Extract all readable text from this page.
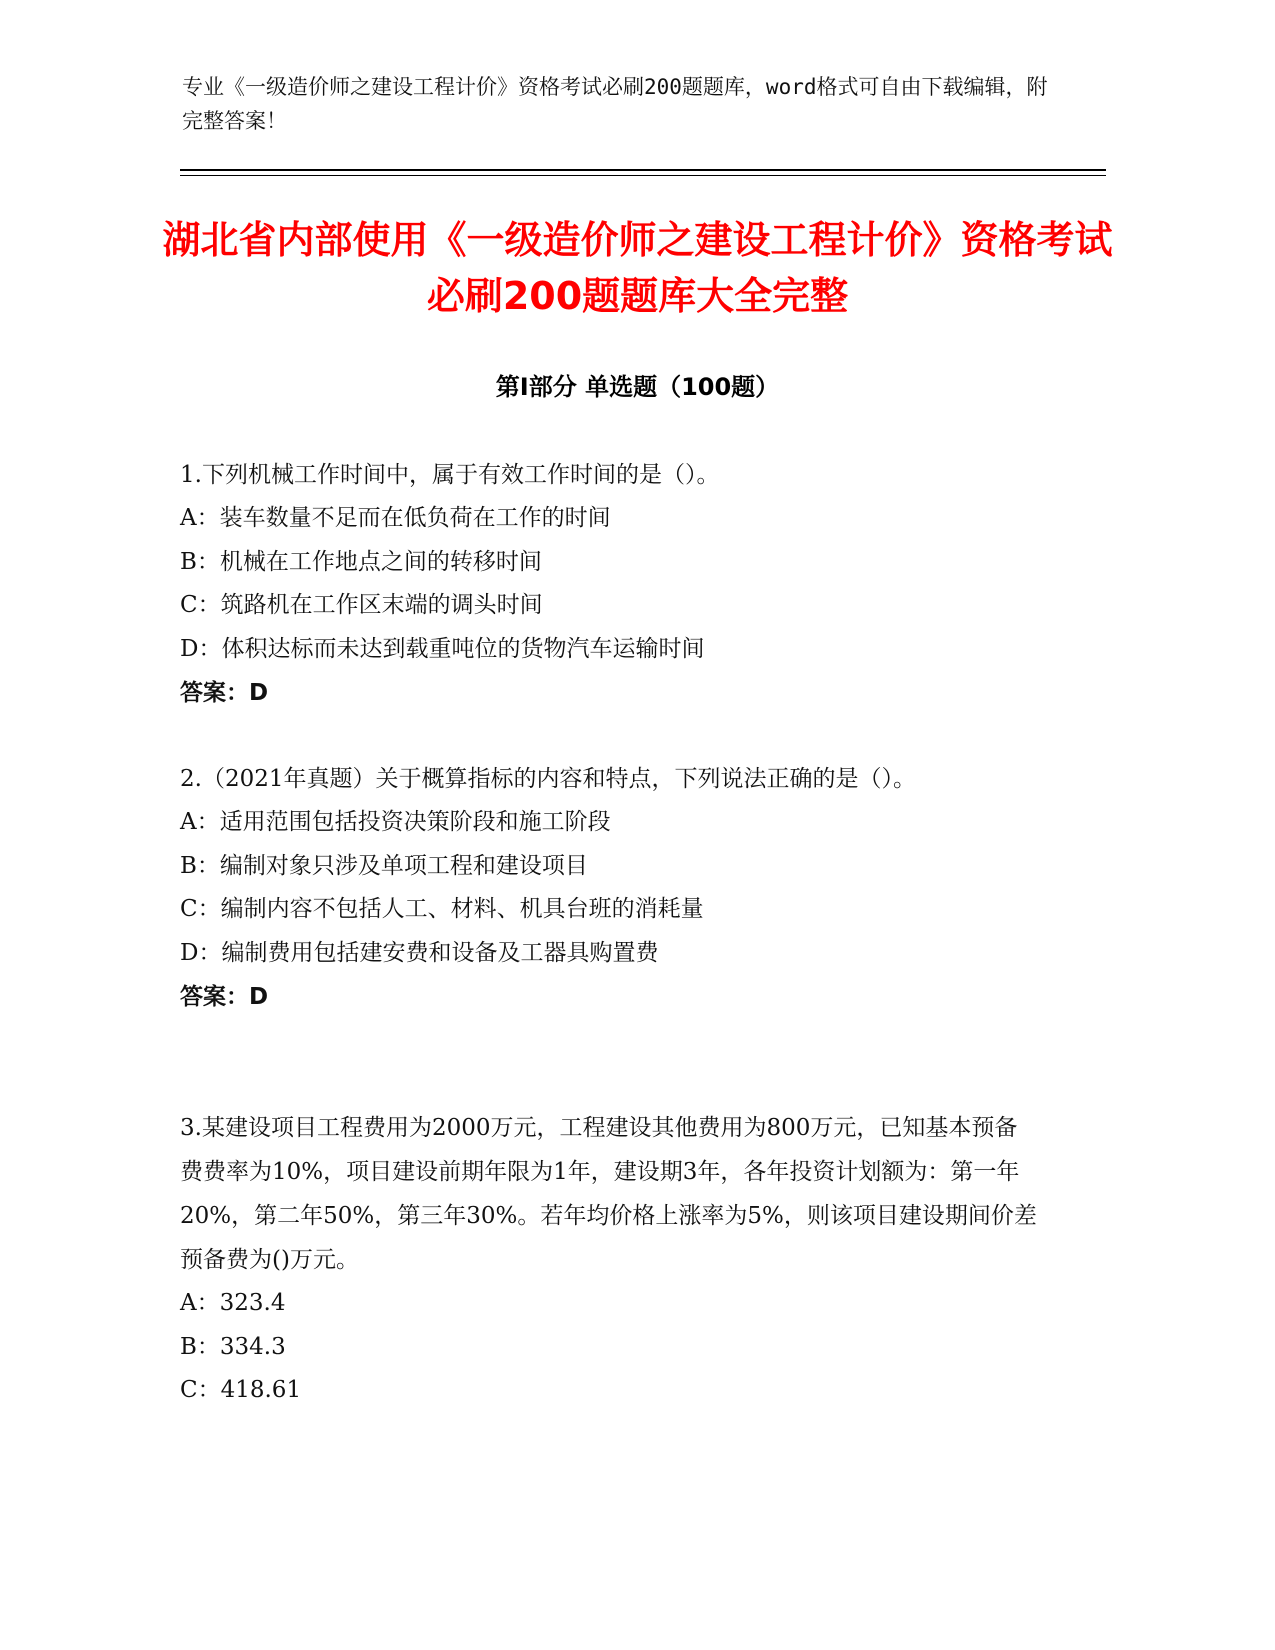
专业《一级造价师之建设工程计价》资格考试必刷200题题库，word格式可自由下载编辑，附完整答案！
湖北省内部使用《一级造价师之建设工程计价》资格考试必刷200题题库大全完整
第I部分 单选题（100题）

1.下列机械工作时间中，属于有效工作时间的是（）。

A：装车数量不足而在低负荷在工作的时间

B：机械在工作地点之间的转移时间

C：筑路机在工作区末端的调头时间

D：体积达标而未达到载重吨位的货物汽车运输时间

答案：D

2.（2021年真题）关于概算指标的内容和特点，下列说法正确的是（）。

A：适用范围包括投资决策阶段和施工阶段

B：编制对象只涉及单项工程和建设项目

C：编制内容不包括人工、材料、机具台班的消耗量

D：编制费用包括建安费和设备及工器具购置费

答案：D

3.某建设项目工程费用为2000万元，工程建设其他费用为800万元，已知基本预备费费率为10%，项目建设前期年限为1年，建设期3年，各年投资计划额为：第一年20%，第二年50%，第三年30%。若年均价格上涨率为5%，则该项目建设期间价差预备费为()万元。

A：323.4

B：334.3

C：418.61
